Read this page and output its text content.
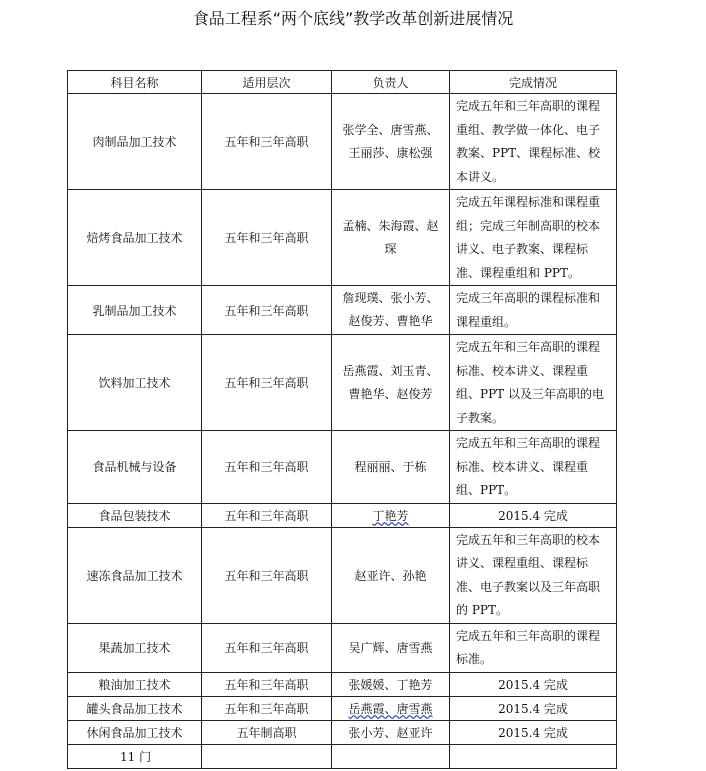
食品工程系“两个底线”教学改革创新进展情况
科目名称	适用层次	负责人	完成情况
肉制品加工技术	五年和三年高职	张学全、唐雪燕、王丽莎、康松强	完成五年和三年高职的课程重组、教学做一体化、电子教案、PPT、课程标准、校本讲义。
焙烤食品加工技术	五年和三年高职	孟楠、朱海霞、赵琛	完成五年课程标准和课程重组；完成三年制高职的校本讲义、电子教案、课程标准、课程重组和 PPT。
乳制品加工技术	五年和三年高职	詹现璞、张小芳、赵俊芳、曹艳华	完成三年高职的课程标准和课程重组。
饮料加工技术	五年和三年高职	岳燕霞、刘玉青、曹艳华、赵俊芳	完成五年和三年高职的课程标准、校本讲义、课程重组、PPT 以及三年高职的电子教案。
食品机械与设备	五年和三年高职	程丽丽、于栋	完成五年和三年高职的课程标准、校本讲义、课程重组、PPT。
食品包装技术	五年和三年高职	丁艳芳	2015.4 完成
速冻食品加工技术	五年和三年高职	赵亚许、孙艳	完成五年和三年高职的校本讲义、课程重组、课程标准、电子教案以及三年高职的 PPT。
果蔬加工技术	五年和三年高职	吴广辉、唐雪燕	完成五年和三年高职的课程标准。
粮油加工技术	五年和三年高职	张媛媛、丁艳芳	2015.4 完成
罐头食品加工技术	五年和三年高职	岳燕霞、唐雪燕	2015.4 完成
休闲食品加工技术	五年制高职	张小芳、赵亚许	2015.4 完成
11 门			
